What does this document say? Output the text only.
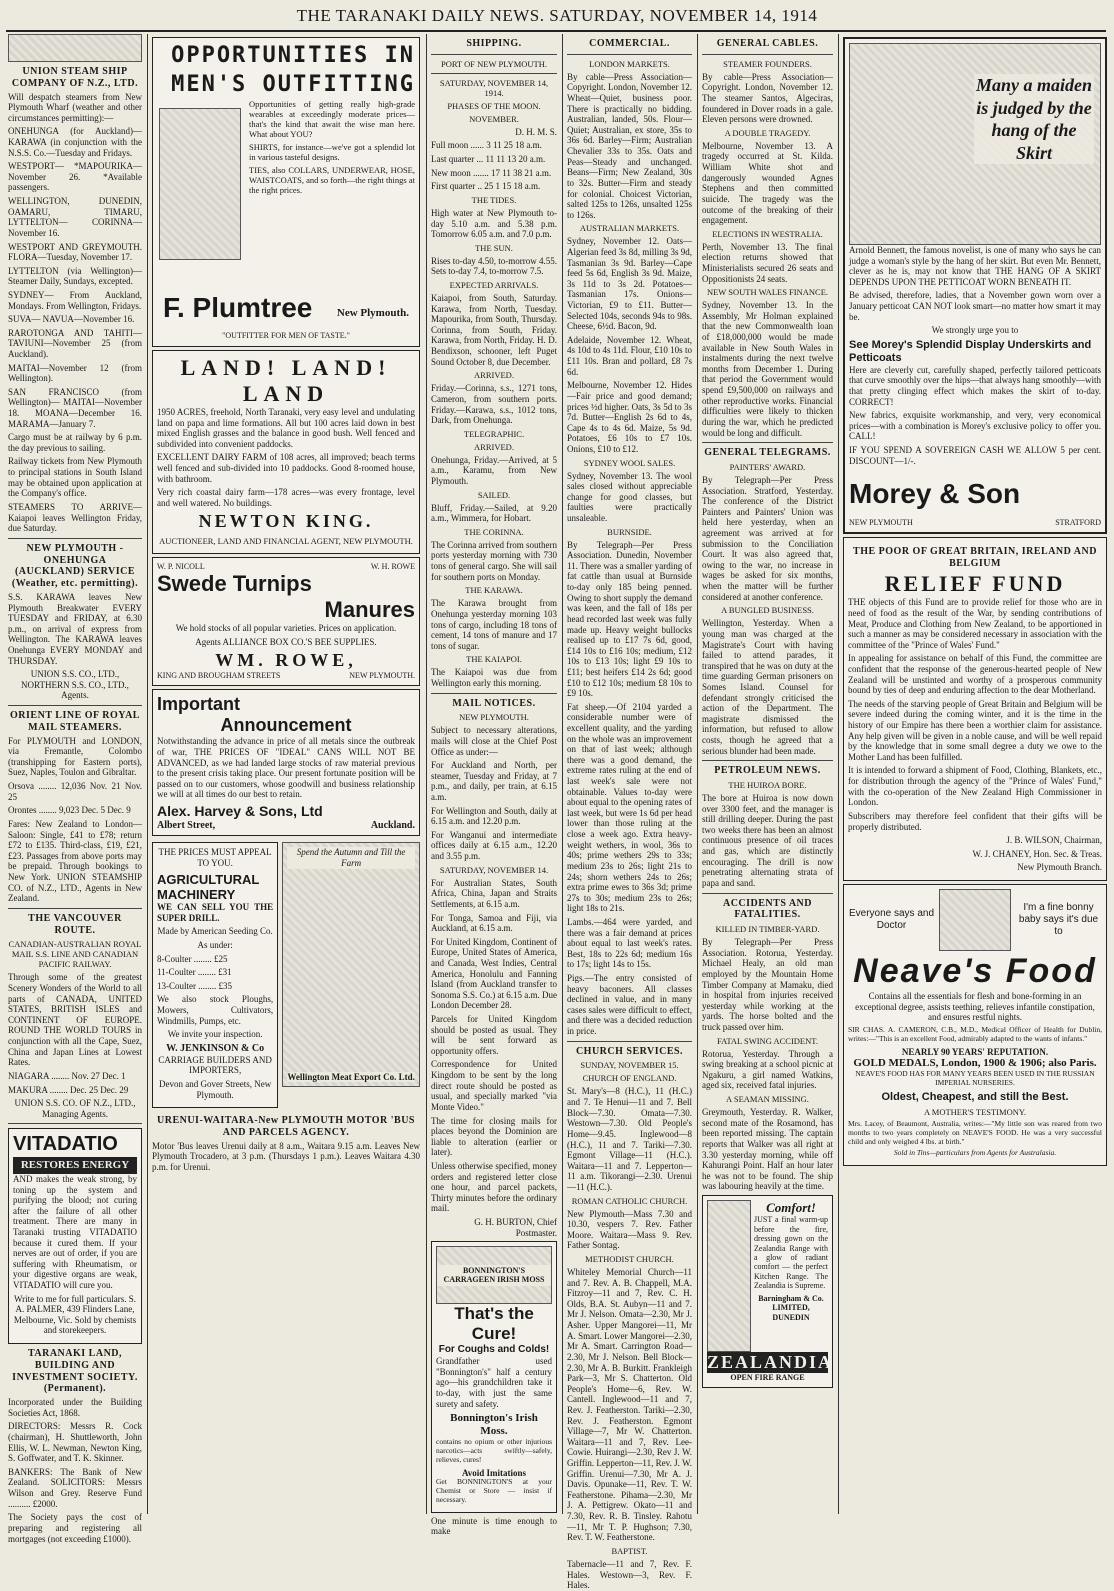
THE TARANAKI DAILY NEWS. SATURDAY, NOVEMBER 14, 1914
UNION STEAM SHIP COMPANY OF N.Z., LTD.

Will despatch steamers from New Plymouth Wharf (weather and other circumstances permitting):—

ONEHUNGA (for Auckland)— KARAWA (in conjunction with the N.S.S. Co.—Tuesday and Fridays.

WESTPORT— *MAPOURIKA—November 26. *Available passengers.

WELLINGTON, DUNEDIN, OAMARU, TIMARU, LYTTELTON— CORINNA—November 16.

WESTPORT AND GREYMOUTH. FLORA—Tuesday, November 17.

LYTTELTON (via Wellington)— Steamer Daily, Sundays, excepted.

SYDNEY— From Auckland, Mondays. From Wellington, Fridays.

SUVA— NAVUA—November 16.

RAROTONGA AND TAHITI— TAVIUNI—November 25 (from Auckland).

MAITAI—November 12 (from Wellington).

SAN FRANCISCO (from Wellington)— MAITAI—November 18. MOANA—December 16. MARAMA—January 7.

Cargo must be at railway by 6 p.m. the day previous to sailing.

Railway tickets from New Plymouth to principal stations in South Island may be obtained upon application at the Company's office.

STEAMERS TO ARRIVE— Kaiapoi leaves Wellington Friday, due Saturday.

NEW PLYMOUTH - ONEHUNGA (AUCKLAND) SERVICE (Weather, etc. permitting).

S.S. KARAWA leaves New Plymouth Breakwater EVERY TUESDAY and FRIDAY, at 6.30 p.m., on arrival of express from Wellington. The KARAWA leaves Onehunga EVERY MONDAY and THURSDAY.

UNION S.S. CO., LTD., NORTHERN S.S. CO., LTD., Agents.

ORIENT LINE OF ROYAL MAIL STEAMERS.

For PLYMOUTH and LONDON, via Fremantle, Colombo (transhipping for Eastern ports), Suez, Naples, Toulon and Gibraltar.

Orsova ........ 12,036 Nov. 21 Nov. 25

Orontes ........ 9,023 Dec. 5 Dec. 9

Fares: New Zealand to London—Saloon: Single, £41 to £78; return £72 to £135. Third-class, £19, £21, £23. Passages from above ports may be prepaid. Through bookings to New York. UNION STEAMSHIP CO. of N.Z., LTD., Agents in New Zealand.

THE VANCOUVER ROUTE.
CANADIAN-AUSTRALIAN ROYAL MAIL S.S. LINE AND CANADIAN PACIFIC RAILWAY.

Through some of the greatest Scenery Wonders of the World to all parts of CANADA, UNITED STATES, BRITISH ISLES and CONTINENT OF EUROPE. ROUND THE WORLD TOURS in conjunction with all the Cape, Suez, China and Japan Lines at Lowest Rates.

NIAGARA ........ Nov. 27 Dec. 1

MAKURA ........ Dec. 25 Dec. 29

UNION S.S. CO. OF N.Z., LTD., Managing Agents.

VITADATIO
RESTORES ENERGY

AND makes the weak strong, by toning up the system and purifying the blood; not curing after the failure of all other treatment. There are many in Taranaki trusting VITADATIO because it cured them. If your nerves are out of order, if you are suffering with Rheumatism, or your digestive organs are weak, VITADATIO will cure you.

Write to me for full particulars. S. A. PALMER, 439 Flinders Lane, Melbourne, Vic. Sold by chemists and storekeepers.

TARANAKI LAND, BUILDING AND INVESTMENT SOCIETY. (Permanent).

Incorporated under the Building Societies Act, 1868.

DIRECTORS: Messrs R. Cock (chairman), H. Shuttleworth, John Ellis, W. L. Newman, Newton King, S. Goffwater, and T. K. Skinner.

BANKERS: The Bank of New Zealand. SOLICITORS: Messrs Wilson and Grey. Reserve Fund .......... £2000.

The Society pays the cost of preparing and registering all mortgages (not exceeding £1000).

OPPORTUNITIES IN MEN'S OUTFITTING

Opportunities of getting really high-grade wearables at exceedingly moderate prices—that's the kind that await the wise man here. What about YOU?

SHIRTS, for instance—we've got a splendid lot in various tasteful designs.

TIES, also COLLARS, UNDERWEAR, HOSE, WAISTCOATS, and so forth—the right things at the right prices.

F. Plumtree New Plymouth.
"OUTFITTER FOR MEN OF TASTE."
LAND! LAND! LAND

1950 ACRES, freehold, North Taranaki, very easy level and undulating land on papa and lime formations. All but 100 acres laid down in best mixed English grasses and the balance in good bush. Well fenced and subdivided into convenient paddocks.

EXCELLENT DAIRY FARM of 108 acres, all improved; beach terms well fenced and sub-divided into 10 paddocks. Good 8-roomed house, with bathroom.

Very rich coastal dairy farm—178 acres—was every frontage, level and well watered. No buildings.

NEWTON KING.
AUCTIONEER, LAND AND FINANCIAL AGENT, NEW PLYMOUTH.
W. P. NICOLL	W. H. ROWE
Swede Turnips
Manures

We hold stocks of all popular varieties. Prices on application.

Agents ALLIANCE BOX CO.'S BEE SUPPLIES.

WM. ROWE,
KING AND BROUGHAM STREETS	NEW PLYMOUTH.
Important
Announcement

Notwithstanding the advance in price of all metals since the outbreak of war, THE PRICES OF "IDEAL" CANS WILL NOT BE ADVANCED, as we had landed large stocks of raw material previous to the present crisis taking place. Our present fortunate position will be passed on to our customers, whose goodwill and business relationship we will at all times do our best to retain.

Alex. Harvey & Sons, Ltd
Albert Street,	Auckland.

THE PRICES MUST APPEAL TO YOU.

AGRICULTURAL MACHINERY

WE CAN SELL YOU THE SUPER DRILL.

Made by American Seeding Co.

As under:

8-Coulter ........ £25

11-Coulter ........ £31

13-Coulter ........ £35

We also stock Ploughs, Mowers, Cultivators, Windmills, Pumps, etc.

We invite your inspection.

W. JENKINSON & Co

CARRIAGE BUILDERS AND IMPORTERS,

Devon and Gover Streets, New Plymouth.

Spend the Autumn and Till the Farm
Wellington Meat Export Co. Ltd.
URENUI-WAITARA-New PLYMOUTH MOTOR 'BUS AND PARCELS AGENCY.

Motor 'Bus leaves Urenui daily at 8 a.m., Waitara 9.15 a.m. Leaves New Plymouth Trocadero, at 3 p.m. (Thursdays 1 p.m.). Leaves Waitara 4.30 p.m. for Urenui.

SHIPPING.
PORT OF NEW PLYMOUTH.
SATURDAY, NOVEMBER 14, 1914.
PHASES OF THE MOON.
NOVEMBER.

D. H. M. S.

Full moon ...... 3 11 25 18 a.m.

Last quarter ... 11 11 13 20 a.m.

New moon ....... 17 11 38 21 a.m.

First quarter .. 25 1 15 18 a.m.

THE TIDES.

High water at New Plymouth to-day 5.10 a.m. and 5.38 p.m. Tomorrow 6.05 a.m. and 7.0 p.m.

THE SUN.

Rises to-day 4.50, to-morrow 4.55. Sets to-day 7.4, to-morrow 7.5.

EXPECTED ARRIVALS.

Kaiapoi, from South, Saturday. Karawa, from North, Tuesday. Mapourika, from South, Thursday. Corinna, from South, Friday. Karawa, from North, Friday. H. D. Bendixson, schooner, left Puget Sound October 8, due December.

ARRIVED.

Friday.—Corinna, s.s., 1271 tons, Cameron, from southern ports. Friday.—Karawa, s.s., 1012 tons, Dark, from Onehunga.

TELEGRAPHIC.
ARRIVED.

Onehunga, Friday.—Arrived, at 5 a.m., Karamu, from New Plymouth.

SAILED.

Bluff, Friday.—Sailed, at 9.20 a.m., Wimmera, for Hobart.

THE CORINNA.

The Corinna arrived from southern ports yesterday morning with 730 tons of general cargo. She will sail for southern ports on Monday.

THE KARAWA.

The Karawa brought from Onehunga yesterday morning 103 tons of cargo, including 18 tons of cement, 14 tons of manure and 17 tons of sugar.

THE KAIAPOI.

The Kaiapoi was due from Wellington early this morning.

MAIL NOTICES.
NEW PLYMOUTH.

Subject to necessary alterations, mails will close at the Chief Post Office as under:—

For Auckland and North, per steamer, Tuesday and Friday, at 7 p.m., and daily, per train, at 6.15 a.m.

For Wellington and South, daily at 6.15 a.m. and 12.20 p.m.

For Wanganui and intermediate offices daily at 6.15 a.m., 12.20 and 3.55 p.m.

SATURDAY, NOVEMBER 14.

For Australian States, South Africa, China, Japan and Straits Settlements, at 6.15 a.m.

For Tonga, Samoa and Fiji, via Auckland, at 6.15 a.m.

For United Kingdom, Continent of Europe, United States of America, and Canada, West Indies, Central America, Honolulu and Fanning Island (from Auckland transfer to Sonoma S.S. Co.) at 6.15 a.m. Due London December 28.

Parcels for United Kingdom should be posted as usual. They will be sent forward as opportunity offers.

Correspondence for United Kingdom to be sent by the long direct route should be posted as usual, and specially marked "via Monte Video."

The time for closing mails for places beyond the Dominion are liable to alteration (earlier or later).

Unless otherwise specified, money orders and registered letter close one hour, and parcel packets, Thirty minutes before the ordinary mail.

G. H. BURTON, Chief Postmaster.

BONNINGTON'S CARRAGEEN IRISH MOSS
That's the Cure!
For Coughs and Colds!

Grandfather used "Bonnington's" half a century ago—his grandchildren take it to-day, with just the same surety and safety.

Bonnington's Irish Moss.

contains no opium or other injurious narcotics—acts swiftly—safely, relieves, cures!

Avoid Imitations

Get BONNINGTON'S at your Chemist or Store — insist if necessary.

One minute is time enough to make

COMMERCIAL.
LONDON MARKETS.

By cable—Press Association—Copyright. London, November 12. Wheat—Quiet, business poor. There is practically no bidding. Australian, landed, 50s. Flour—Quiet; Australian, ex store, 35s to 36s 6d. Barley—Firm; Australian Chevalier 33s to 35s. Oats and Peas—Steady and unchanged. Beans—Firm; New Zealand, 30s to 32s. Butter—Firm and steady for colonial. Choicest Victorian, salted 125s to 126s, unsalted 125s to 126s.

AUSTRALIAN MARKETS.

Sydney, November 12. Oats—Algerian feed 3s 8d, milling 3s 9d, Tasmanian 3s 9d. Barley—Cape feed 5s 6d, English 3s 9d. Maize, 3s 11d to 3s 2d. Potatoes—Tasmanian 17s. Onions—Victorian, £9 to £11. Butter—Selected 104s, seconds 94s to 98s. Cheese, 6½d. Bacon, 9d.

Adelaide, November 12. Wheat, 4s 10d to 4s 11d. Flour, £10 10s to £11 10s. Bran and pollard, £8 7s 6d.

Melbourne, November 12. Hides—Fair price and good demand; prices ½d higher. Oats, 3s 5d to 3s 7d. Butter—English 2s 6d to 4s, Cape 4s to 4s 6d. Maize, 5s 9d. Potatoes, £6 10s to £7 10s. Onions, £10 to £12.

SYDNEY WOOL SALES.

Sydney, November 13. The wool sales closed without appreciable change for good classes, but faulties were practically unsaleable.

BURNSIDE.

By Telegraph—Per Press Association. Dunedin, November 11. There was a smaller yarding of fat cattle than usual at Burnside to-day only 185 being penned. Owing to short supply the demand was keen, and the fall of 18s per head recorded last week was fully made up. Heavy weight bullocks realised up to £17 7s 6d, good, £14 10s to £16 10s; medium, £12 10s to £13 10s; light £9 10s to £11; best heifers £14 2s 6d; good £10 to £12 10s; medium £8 10s to £9 10s.

Fat sheep.—Of 2104 yarded a considerable number were of excellent quality, and the yarding on the whole was an improvement on that of last week; although there was a good demand, the extreme rates ruling at the end of last week's sale were not obtainable. Values to-day were about equal to the opening rates of last week, but were 1s 6d per head lower than those ruling at the close a week ago. Extra heavy-weight wethers, in wool, 36s to 40s; prime wethers 29s to 33s; medium 23s to 26s; light 21s to 24s; shorn wethers 24s to 26s; extra prime ewes to 36s 3d; prime 27s to 30s; medium 23s to 26s; light 18s to 21s.

Lambs.—464 were yarded, and there was a fair demand at prices about equal to last week's rates. Best, 18s to 22s 6d; medium 16s to 17s; light 14s to 15s.

Pigs.—The entry consisted of heavy baconers. All classes declined in value, and in many cases sales were difficult to effect, and there was a decided reduction in price.

CHURCH SERVICES.
SUNDAY, NOVEMBER 15.
CHURCH OF ENGLAND.

St. Mary's—8 (H.C.), 11 (H.C.) and 7. Te Henui—11 and 7. Bell Block—7.30. Omata—7.30. Westown—7.30. Old People's Home—9.45. Inglewood—8 (H.C.), 11 and 7. Tariki—7.30. Egmont Village—11 (H.C.). Waitara—11 and 7. Lepperton—11 a.m. Tikorangi—2.30. Urenui—11 (H.C.).

ROMAN CATHOLIC CHURCH.

New Plymouth—Mass 7.30 and 10.30, vespers 7. Rev. Father Moore. Waitara—Mass 9. Rev. Father Sontag.

METHODIST CHURCH.

Whiteley Memorial Church—11 and 7. Rev. A. B. Chappell, M.A. Fitzroy—11 and 7, Rev. C. H. Olds, B.A. St. Aubyn—11 and 7. Mr J. Nelson. Omata—2.30, Mr J. Asher. Upper Mangorei—11, Mr A. Smart. Lower Mangorei—2.30, Mr A. Smart. Carrington Road—2.30, Mr J. Nelson. Bell Block—2.30, Mr A. B. Burkitt. Frankleigh Park—3, Mr S. Chatterton. Old People's Home—6, Rev. W. Cantell. Inglewood—11 and 7, Rev. J. Featherston. Tariki—2.30, Rev. J. Featherston. Egmont Village—7, Mr W. Chatterton. Waitara—11 and 7, Rev. Lee-Cowie. Huirangi—2.30, Rev J. W. Griffin. Lepperton—11, Rev. J. W. Griffin. Urenui—7.30, Mr A. J. Davis. Opunake—11, Rev. T. W. Featherstone. Pihama—2.30, Mr J. A. Pettigrew. Okato—11 and 7.30, Rev. R. B. Tinsley. Rahotu—11, Mr T. P. Hughson; 7.30, Rev. T. W. Featherstone.

BAPTIST.

Tabernacle—11 and 7, Rev. F. Hales. Westown—3, Rev. F. Hales.

GENERAL CABLES.
STEAMER FOUNDERS.

By cable—Press Association—Copyright. London, November 12. The steamer Santos, Algeciras, foundered in Dover roads in a gale. Eleven persons were drowned.

A DOUBLE TRAGEDY.

Melbourne, November 13. A tragedy occurred at St. Kilda. William White shot and dangerously wounded Agnes Stephens and then committed suicide. The tragedy was the outcome of the breaking of their engagement.

ELECTIONS IN WESTRALIA.

Perth, November 13. The final election returns showed that Ministerialists secured 26 seats and Oppositionists 24 seats.

NEW SOUTH WALES FINANCE.

Sydney, November 13. In the Assembly, Mr Holman explained that the new Commonwealth loan of £18,000,000 would be made available in New South Wales in instalments during the next twelve months from December 1. During that period the Government would spend £9,500,000 on railways and other reproductive works. Financial difficulties were likely to thicken during the war, which he predicted would be long and difficult.

GENERAL TELEGRAMS.
PAINTERS' AWARD.

By Telegraph—Per Press Association. Stratford, Yesterday. The conference of the District Painters and Painters' Union was held here yesterday, when an agreement was arrived at for submission to the Conciliation Court. It was also agreed that, owing to the war, no increase in wages be asked for six months, when the matter will be further considered at another conference.

A BUNGLED BUSINESS.

Wellington, Yesterday. When a young man was charged at the Magistrate's Court with having failed to attend parades, it transpired that he was on duty at the time guarding German prisoners on Somes Island. Counsel for defendant strongly criticised the action of the Department. The magistrate dismissed the information, but refused to allow costs, though he agreed that a serious blunder had been made.

PETROLEUM NEWS.
THE HUIROA BORE.

The bore at Huiroa is now down over 3300 feet, and the manager is still drilling deeper. During the past two weeks there has been an almost continuous presence of oil traces and gas, which are distinctly encouraging. The drill is now penetrating alternating strata of papa and sand.

ACCIDENTS AND FATALITIES.
KILLED IN TIMBER-YARD.

By Telegraph—Per Press Association. Rotorua, Yesterday. Michael Healy, an old man employed by the Mountain Home Timber Company at Mamaku, died in hospital from injuries received yesterday while working at the yards. The horse bolted and the truck passed over him.

FATAL SWING ACCIDENT.

Rotorua, Yesterday. Through a swing breaking at a school picnic at Ngakuru, a girl named Watkins, aged six, received fatal injuries.

A SEAMAN MISSING.

Greymouth, Yesterday. R. Walker, second mate of the Rosamond, has been reported missing. The captain reports that Walker was all right at 3.30 yesterday morning, while off Kahurangi Point. Half an hour later he was not to be found. The ship was labouring heavily at the time.

Comfort!

JUST a final warm-up before the fire, dressing gown on the Zealandia Range with a glow of radiant comfort — the perfect Kitchen Range. The Zealandia is Supreme.

Barningham & Co. LIMITED, DUNEDIN

ZEALANDIA
OPEN FIRE RANGE
Many a maiden is judged by the hang of the Skirt

Arnold Bennett, the famous novelist, is one of many who says he can judge a woman's style by the hang of her skirt. But even Mr. Bennett, clever as he is, may not know that THE HANG OF A SKIRT DEPENDS UPON THE PETTICOAT WORN BENEATH IT.

Be advised, therefore, ladies, that a November gown worn over a January petticoat CAN NOT look smart—no matter how smart it may be.

We strongly urge you to

See Morey's Splendid Display Underskirts and Petticoats

Here are cleverly cut, carefully shaped, perfectly tailored petticoats that curve smoothly over the hips—that always hang smoothly—with that pretty clinging effect which makes the skirt of to-day. CORRECT!

New fabrics, exquisite workmanship, and very, very economical prices—with a combination is Morey's exclusive policy to offer you. CALL!

IF YOU SPEND A SOVEREIGN CASH WE ALLOW 5 per cent. DISCOUNT—1/-.

Morey & Son
NEW PLYMOUTH	STRATFORD
THE POOR OF GREAT BRITAIN, IRELAND AND BELGIUM
RELIEF FUND

THE objects of this Fund are to provide relief for those who are in need of food as the result of the War, by sending contributions of Meat, Produce and Clothing from New Zealand, to be apportioned in such a manner as may be considered necessary in association with the committee of the "Prince of Wales' Fund."

In appealing for assistance on behalf of this Fund, the committee are confident that the response of the generous-hearted people of New Zealand will be unstinted and worthy of a prosperous community bound by ties of deep and enduring affection to the dear Motherland.

The needs of the starving people of Great Britain and Belgium will be severe indeed during the coming winter, and it is the time in the history of our Empire has there been a worthier claim for assistance. Any help given will be given in a noble cause, and will be well repaid by the knowledge that in some small degree a duty we owe to the Mother Land has been fulfilled.

It is intended to forward a shipment of Food, Clothing, Blankets, etc., for distribution through the agency of the "Prince of Wales' Fund," with the co-operation of the New Zealand High Commissioner in London.

Subscribers may therefore feel confident that their gifts will be properly distributed.

J. B. WILSON, Chairman,

W. J. CHANEY, Hon. Sec. & Treas.

New Plymouth Branch.

Everyone says and Doctor
I'm a fine bonny baby says it's due to
Neave's Food

Contains all the essentials for flesh and bone-forming in an exceptional degree, assists teething, relieves infantile constipation, and ensures restful nights.

SIR CHAS. A. CAMERON, C.B., M.D., Medical Officer of Health for Dublin, writes:—"This is an excellent Food, admirably adapted to the wants of infants."

NEARLY 90 YEARS' REPUTATION.
GOLD MEDALS, London, 1900 & 1906; also Paris.

NEAVE'S FOOD HAS FOR MANY YEARS BEEN USED IN THE RUSSIAN IMPERIAL NURSERIES.

Oldest, Cheapest, and still the Best.
A MOTHER'S TESTIMONY.

Mrs. Lacey, of Beaumont, Australia, writes:—"My little son was reared from two months to two years completely on NEAVE'S FOOD. He was a very successful child and only weighed 4 lbs. at birth."

Sold in Tins—particulars from Agents for Australasia.
